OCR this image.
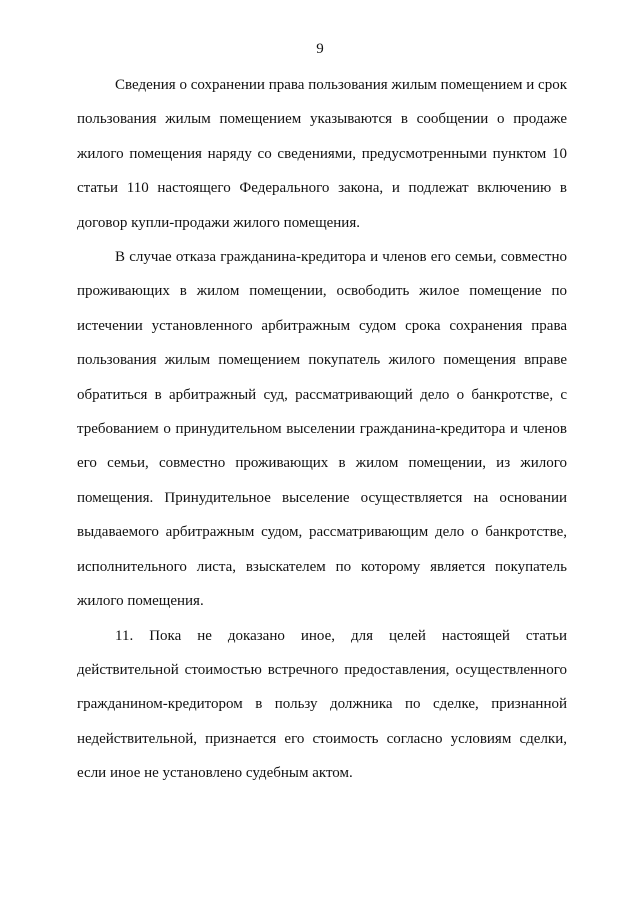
9

Сведения о сохранении права пользования жилым помещением и срок пользования жилым помещением указываются в сообщении о продаже жилого помещения наряду со сведениями, предусмотренными пунктом 10 статьи 110 настоящего Федерального закона, и подлежат включению в договор купли-продажи жилого помещения.

В случае отказа гражданина-кредитора и членов его семьи, совместно проживающих в жилом помещении, освободить жилое помещение по истечении установленного арбитражным судом срока сохранения права пользования жилым помещением покупатель жилого помещения вправе обратиться в арбитражный суд, рассматривающий дело о банкротстве, с требованием о принудительном выселении гражданина-кредитора и членов его семьи, совместно проживающих в жилом помещении, из жилого помещения. Принудительное выселение осуществляется на основании выдаваемого арбитражным судом, рассматривающим дело о банкротстве, исполнительного листа, взыскателем по которому является покупатель жилого помещения.

11. Пока не доказано иное, для целей настоящей статьи действительной стоимостью встречного предоставления, осуществленного гражданином-кредитором в пользу должника по сделке, признанной недействительной, признается его стоимость согласно условиям сделки, если иное не установлено судебным актом.
